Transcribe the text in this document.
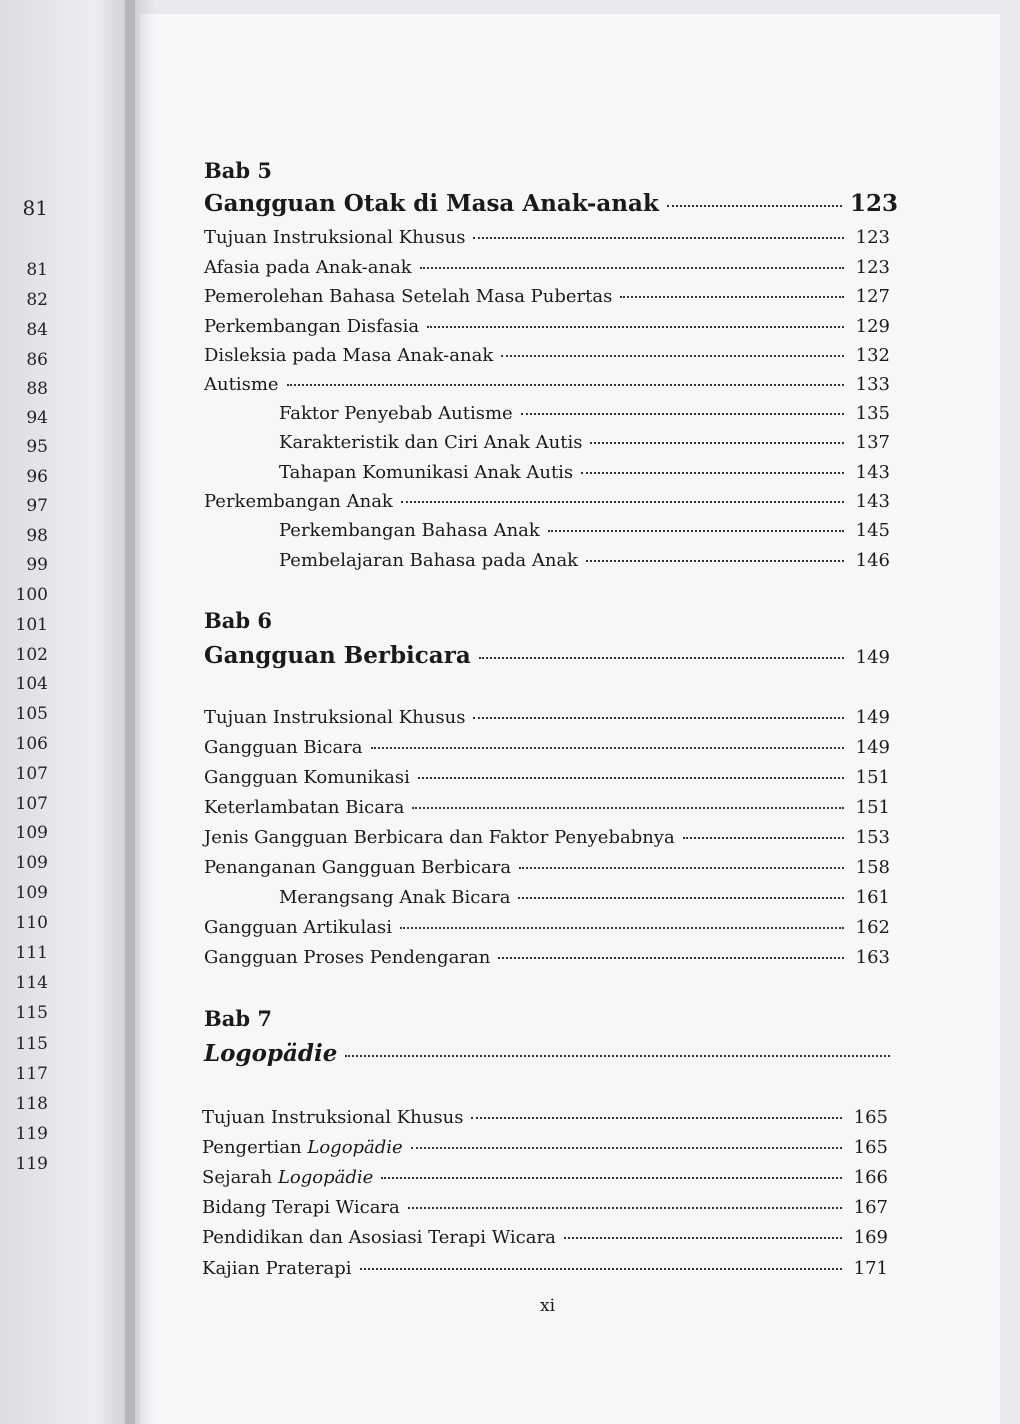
81
81
82
84
86
88
94
95
96
97
98
99
100
101
102
104
105
106
107
107
109
109
109
110
111
114
115
115
117
118
119
119
Bab 5
Gangguan Otak di Masa Anak-anak	123
Tujuan Instruksional Khusus	123
Afasia pada Anak-anak	123
Pemerolehan Bahasa Setelah Masa Pubertas	127
Perkembangan Disfasia	129
Disleksia pada Masa Anak-anak	132
Autisme	133
Faktor Penyebab Autisme	135
Karakteristik dan Ciri Anak Autis	137
Tahapan Komunikasi Anak Autis	143
Perkembangan Anak	143
Perkembangan Bahasa Anak	145
Pembelajaran Bahasa pada Anak	146
Bab 6
Gangguan Berbicara	149
Tujuan Instruksional Khusus	149
Gangguan Bicara	149
Gangguan Komunikasi	151
Keterlambatan Bicara	151
Jenis Gangguan Berbicara dan Faktor Penyebabnya	153
Penanganan Gangguan Berbicara	158
Merangsang Anak Bicara	161
Gangguan Artikulasi	162
Gangguan Proses Pendengaran	163
Bab 7
Logopädie
Tujuan Instruksional Khusus	165
Pengertian Logopädie	165
Sejarah Logopädie	166
Bidang Terapi Wicara	167
Pendidikan dan Asosiasi Terapi Wicara	169
Kajian Praterapi	171
xi
